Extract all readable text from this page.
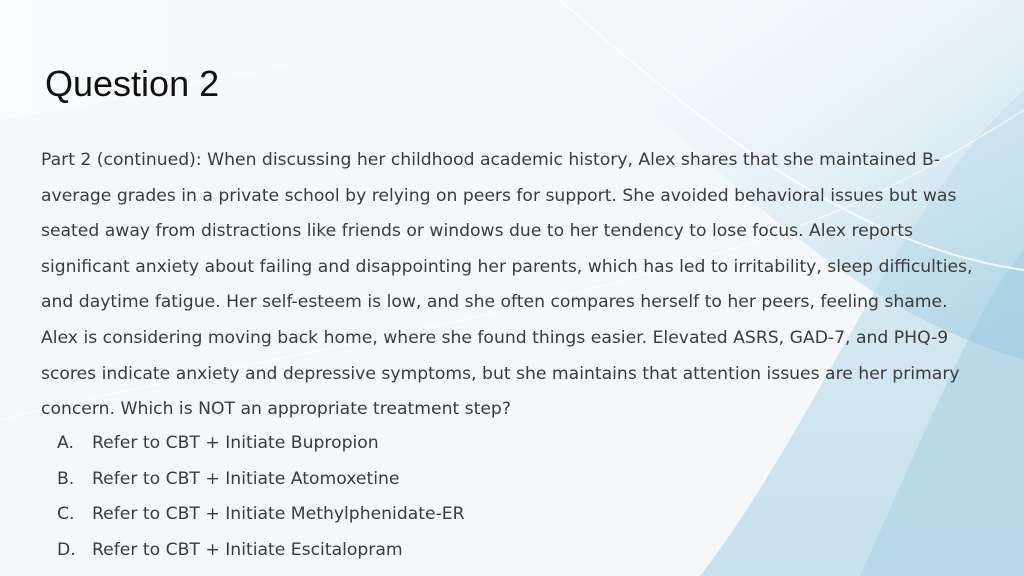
Question 2

Part 2 (continued): When discussing her childhood academic history, Alex shares that she maintained B-average grades in a private school by relying on peers for support. She avoided behavioral issues but was seated away from distractions like friends or windows due to her tendency to lose focus. Alex reports significant anxiety about failing and disappointing her parents, which has led to irritability, sleep difficulties, and daytime fatigue. Her self-esteem is low, and she often compares herself to her peers, feeling shame. Alex is considering moving back home, where she found things easier. Elevated ASRS, GAD-7, and PHQ-9 scores indicate anxiety and depressive symptoms, but she maintains that attention issues are her primary concern. Which is NOT an appropriate treatment step?

A.	Refer to CBT + Initiate Bupropion
B.	Refer to CBT + Initiate Atomoxetine
C.	Refer to CBT + Initiate Methylphenidate-ER
D. Refer to CBT + Initiate Escitalopram
